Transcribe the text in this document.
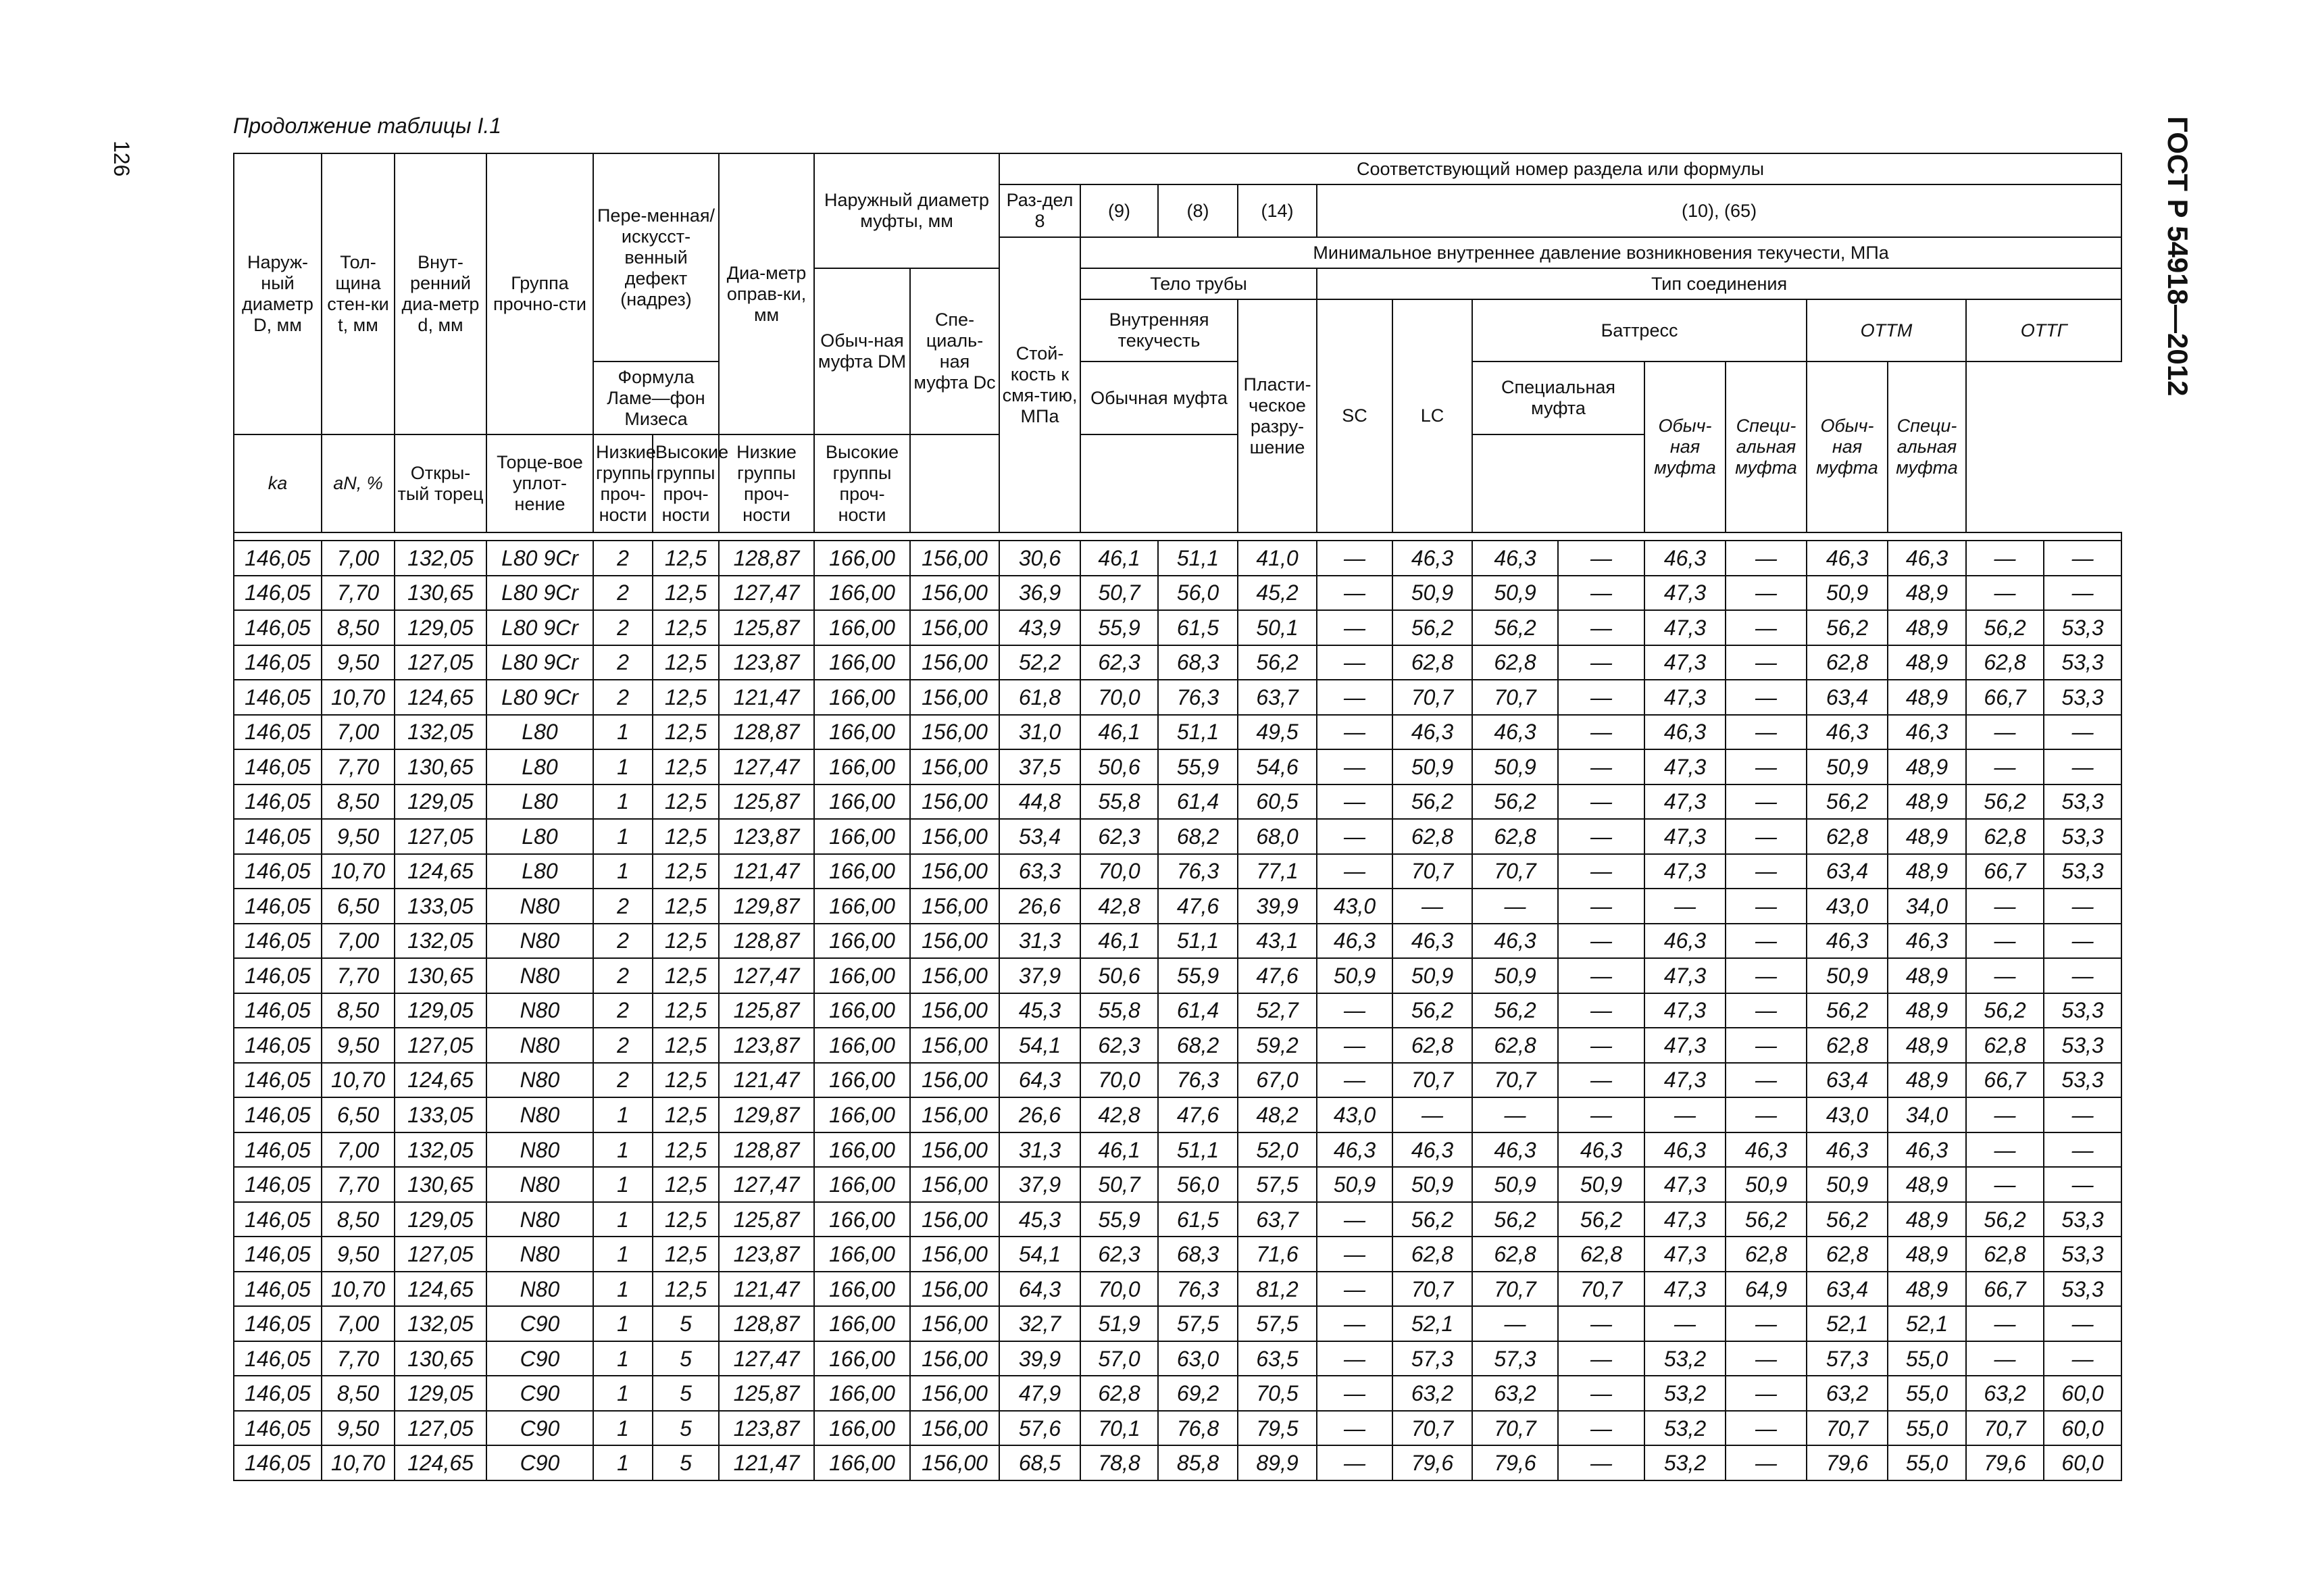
126	ГОСТ Р 54918—2012
Продолжение таблицы I.1
Наруж-ный диаметр D, мм	Тол-щина стен-ки t, мм	Внут-ренний диа-метр d, мм	Группа прочно-сти	Пере-менная/ искусст-венный дефект (надрез)		Диа-метр оправ-ки, мм	Наружный диаметр муфты, мм		Соответствующий номер раздела или формулы													
									Раз-дел 8	(9)	(8)	(14)	(10), (65)									
									Стой-кость к смя-тию, МПа	Минимальное внутреннее давление возникновения текучести, МПа												
							Обыч-ная муфта DМ	Спе-циаль-ная муфта Dс		Тело трубы			Тип соединения									
										Внутренняя текучесть		Пласти-ческое разру-шение	SC	LC	Баттресс				ОТТМ		ОТТГ	
				Формула Ламе—фон Мизеса						Обычная муфта					Специальная муфта		Обыч-ная муфта	Специ-альная муфта	Обыч-ная муфта	Специ-альная муфта		
ka	aN, %	Откры-тый торец	Торце-вое уплот-нение	Низкие группы проч-ности	Высокие группы проч-ности	Низкие группы проч-ности	Высокие группы проч-ности															

146,05	7,00	132,05	L80 9Cr	2	12,5	128,87	166,00	156,00	30,6	46,1	51,1	41,0	—	46,3	46,3	—	46,3	—	46,3	46,3	—	—
146,05	7,70	130,65	L80 9Cr	2	12,5	127,47	166,00	156,00	36,9	50,7	56,0	45,2	—	50,9	50,9	—	47,3	—	50,9	48,9	—	—
146,05	8,50	129,05	L80 9Cr	2	12,5	125,87	166,00	156,00	43,9	55,9	61,5	50,1	—	56,2	56,2	—	47,3	—	56,2	48,9	56,2	53,3
146,05	9,50	127,05	L80 9Cr	2	12,5	123,87	166,00	156,00	52,2	62,3	68,3	56,2	—	62,8	62,8	—	47,3	—	62,8	48,9	62,8	53,3
146,05	10,70	124,65	L80 9Cr	2	12,5	121,47	166,00	156,00	61,8	70,0	76,3	63,7	—	70,7	70,7	—	47,3	—	63,4	48,9	66,7	53,3
146,05	7,00	132,05	L80	1	12,5	128,87	166,00	156,00	31,0	46,1	51,1	49,5	—	46,3	46,3	—	46,3	—	46,3	46,3	—	—
146,05	7,70	130,65	L80	1	12,5	127,47	166,00	156,00	37,5	50,6	55,9	54,6	—	50,9	50,9	—	47,3	—	50,9	48,9	—	—
146,05	8,50	129,05	L80	1	12,5	125,87	166,00	156,00	44,8	55,8	61,4	60,5	—	56,2	56,2	—	47,3	—	56,2	48,9	56,2	53,3
146,05	9,50	127,05	L80	1	12,5	123,87	166,00	156,00	53,4	62,3	68,2	68,0	—	62,8	62,8	—	47,3	—	62,8	48,9	62,8	53,3
146,05	10,70	124,65	L80	1	12,5	121,47	166,00	156,00	63,3	70,0	76,3	77,1	—	70,7	70,7	—	47,3	—	63,4	48,9	66,7	53,3
146,05	6,50	133,05	N80	2	12,5	129,87	166,00	156,00	26,6	42,8	47,6	39,9	43,0	—	—	—	—	—	43,0	34,0	—	—
146,05	7,00	132,05	N80	2	12,5	128,87	166,00	156,00	31,3	46,1	51,1	43,1	46,3	46,3	46,3	—	46,3	—	46,3	46,3	—	—
146,05	7,70	130,65	N80	2	12,5	127,47	166,00	156,00	37,9	50,6	55,9	47,6	50,9	50,9	50,9	—	47,3	—	50,9	48,9	—	—
146,05	8,50	129,05	N80	2	12,5	125,87	166,00	156,00	45,3	55,8	61,4	52,7	—	56,2	56,2	—	47,3	—	56,2	48,9	56,2	53,3
146,05	9,50	127,05	N80	2	12,5	123,87	166,00	156,00	54,1	62,3	68,2	59,2	—	62,8	62,8	—	47,3	—	62,8	48,9	62,8	53,3
146,05	10,70	124,65	N80	2	12,5	121,47	166,00	156,00	64,3	70,0	76,3	67,0	—	70,7	70,7	—	47,3	—	63,4	48,9	66,7	53,3
146,05	6,50	133,05	N80	1	12,5	129,87	166,00	156,00	26,6	42,8	47,6	48,2	43,0	—	—	—	—	—	43,0	34,0	—	—
146,05	7,00	132,05	N80	1	12,5	128,87	166,00	156,00	31,3	46,1	51,1	52,0	46,3	46,3	46,3	46,3	46,3	46,3	46,3	46,3	—	—
146,05	7,70	130,65	N80	1	12,5	127,47	166,00	156,00	37,9	50,7	56,0	57,5	50,9	50,9	50,9	50,9	47,3	50,9	50,9	48,9	—	—
146,05	8,50	129,05	N80	1	12,5	125,87	166,00	156,00	45,3	55,9	61,5	63,7	—	56,2	56,2	56,2	47,3	56,2	56,2	48,9	56,2	53,3
146,05	9,50	127,05	N80	1	12,5	123,87	166,00	156,00	54,1	62,3	68,3	71,6	—	62,8	62,8	62,8	47,3	62,8	62,8	48,9	62,8	53,3
146,05	10,70	124,65	N80	1	12,5	121,47	166,00	156,00	64,3	70,0	76,3	81,2	—	70,7	70,7	70,7	47,3	64,9	63,4	48,9	66,7	53,3
146,05	7,00	132,05	C90	1	5	128,87	166,00	156,00	32,7	51,9	57,5	57,5	—	52,1	—	—	—	—	52,1	52,1	—	—
146,05	7,70	130,65	C90	1	5	127,47	166,00	156,00	39,9	57,0	63,0	63,5	—	57,3	57,3	—	53,2	—	57,3	55,0	—	—
146,05	8,50	129,05	C90	1	5	125,87	166,00	156,00	47,9	62,8	69,2	70,5	—	63,2	63,2	—	53,2	—	63,2	55,0	63,2	60,0
146,05	9,50	127,05	C90	1	5	123,87	166,00	156,00	57,6	70,1	76,8	79,5	—	70,7	70,7	—	53,2	—	70,7	55,0	70,7	60,0
146,05	10,70	124,65	C90	1	5	121,47	166,00	156,00	68,5	78,8	85,8	89,9	—	79,6	79,6	—	53,2	—	79,6	55,0	79,6	60,0
